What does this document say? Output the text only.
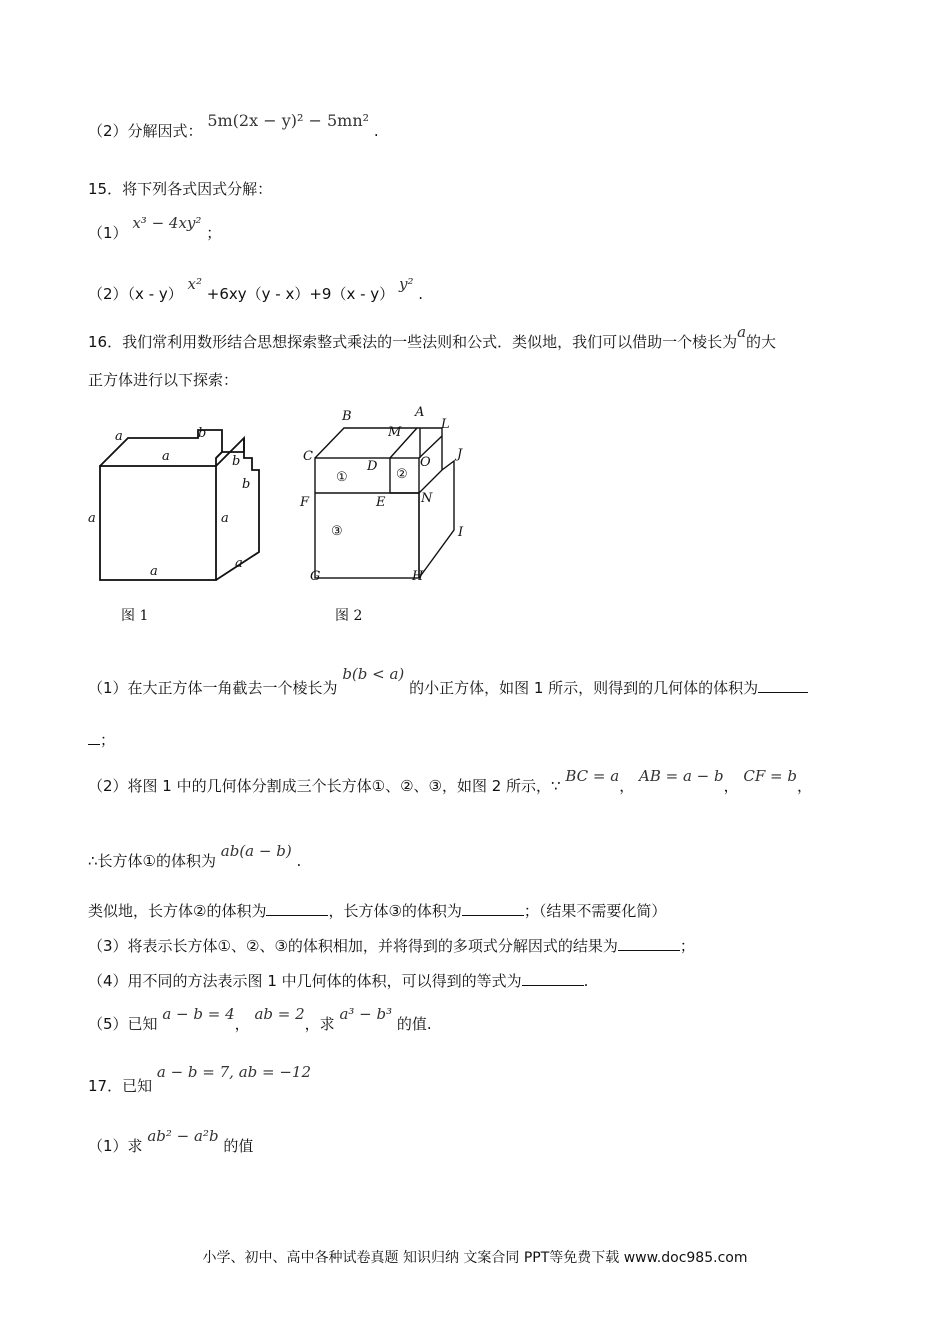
（2）分解因式： 5m(2x − y)² − 5mn² .
15．将下列各式因式分解：
（1） x³ − 4xy² ；
（2）（x - y） x² +6xy（y - x）+9（x - y） y² .
16．我们常利用数形结合思想探索整式乘法的一些法则和公式．类似地，我们可以借助一个棱长为a的大
正方体进行以下探索：
a
a
a	a
a
a
b
b
b
图 1
B	A
L
M
C
D	O
J
F	E	N
I
G	H
①	②
③
图 2
（1）在大正方体一角截去一个棱长为 b(b < a) 的小正方体，如图 1 所示，则得到的几何体的体积为
；
（2）将图 1 中的几何体分割成三个长方体①、②、③，如图 2 所示，∵ BC = a， AB = a − b， CF = b，
∴长方体①的体积为 ab(a − b) .
类似地，长方体②的体积为	，长方体③的体积为	；（结果不需要化简）
（3）将表示长方体①、②、③的体积相加，并将得到的多项式分解因式的结果为	；
（4）用不同的方法表示图 1 中几何体的体积，可以得到的等式为	.
（5）已知 a − b = 4， ab = 2，求 a³ − b³ 的值.
17．已知 a − b = 7, ab = −12
（1）求 ab² − a²b 的值
小学、初中、高中各种试卷真题 知识归纳 文案合同 PPT等免费下载 www.doc985.com
